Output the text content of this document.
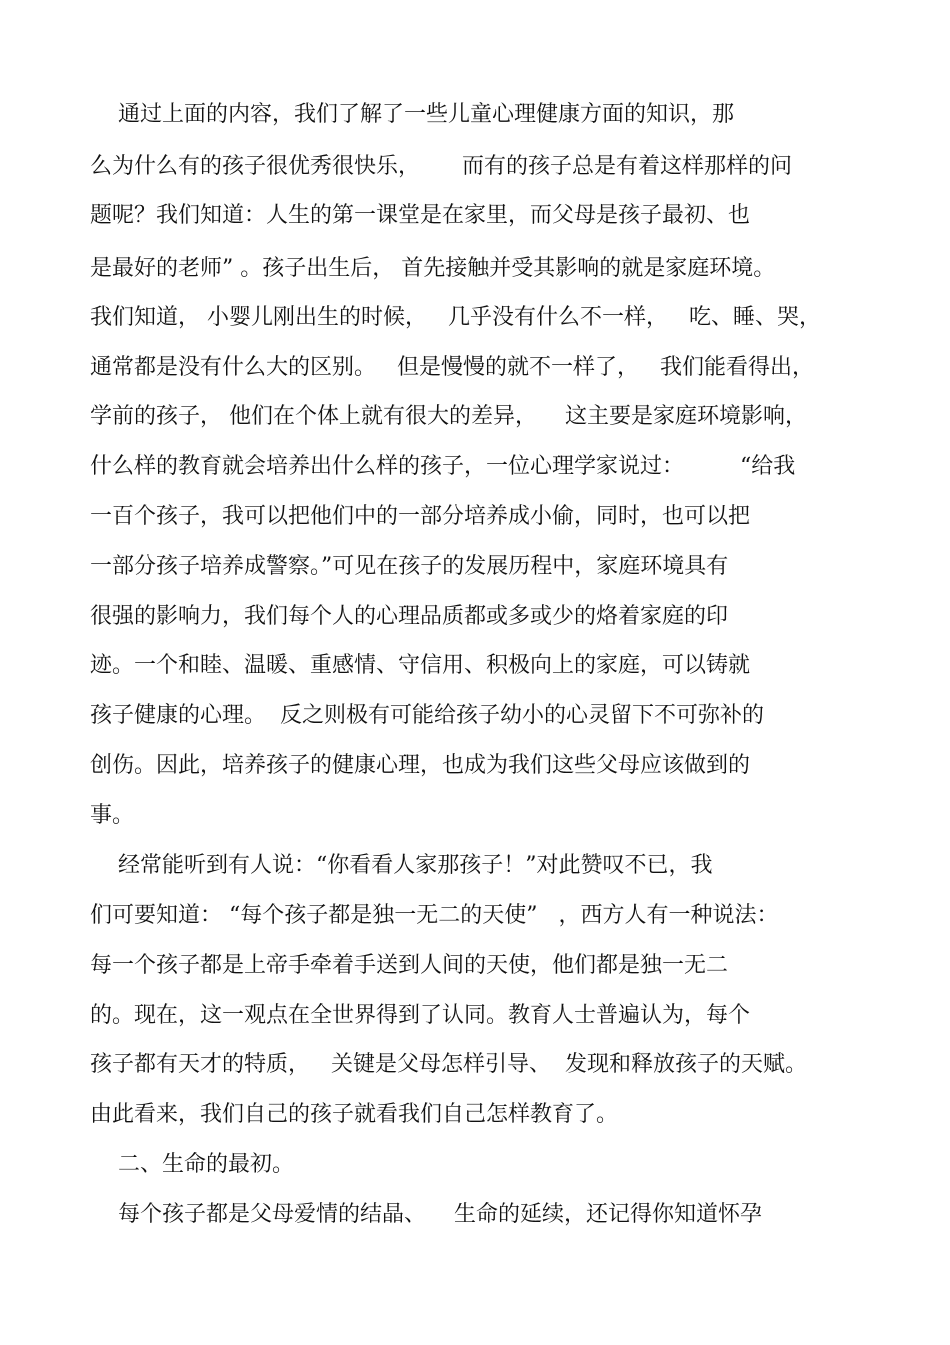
通过上面的内容，我们了解了一些儿童心理健康方面的知识，那
么为什么有的孩子很优秀很快乐，      而有的孩子总是有着这样那样的问
题呢？我们知道：人生的第一课堂是在家里，而父母是孩子最初、也
是最好的老师” 。孩子出生后， 首先接触并受其影响的就是家庭环境。
我们知道， 小婴儿刚出生的时候，   几乎没有什么不一样，   吃、睡、哭，
通常都是没有什么大的区别。   但是慢慢的就不一样了，   我们能看得出，
学前的孩子， 他们在个体上就有很大的差异，    这主要是家庭环境影响，
什么样的教育就会培养出什么样的孩子，一位心理学家说过：        “给我
一百个孩子，我可以把他们中的一部分培养成小偷，同时，也可以把
一部分孩子培养成警察。”可见在孩子的发展历程中，家庭环境具有
很强的影响力，我们每个人的心理品质都或多或少的烙着家庭的印
迹。一个和睦、温暖、重感情、守信用、积极向上的家庭，可以铸就
孩子健康的心理。  反之则极有可能给孩子幼小的心灵留下不可弥补的
创伤。因此，培养孩子的健康心理，也成为我们这些父母应该做到的
事。
经常能听到有人说：“你看看人家那孩子！”对此赞叹不已，我
们可要知道： “每个孩子都是独一无二的天使”   ，西方人有一种说法：
每一个孩子都是上帝手牵着手送到人间的天使，他们都是独一无二
的。现在，这一观点在全世界得到了认同。教育人士普遍认为，每个
孩子都有天才的特质，   关键是父母怎样引导、  发现和释放孩子的天赋。
由此看来，我们自己的孩子就看我们自己怎样教育了。
二、生命的最初。
每个孩子都是父母爱情的结晶、    生命的延续，还记得你知道怀孕
